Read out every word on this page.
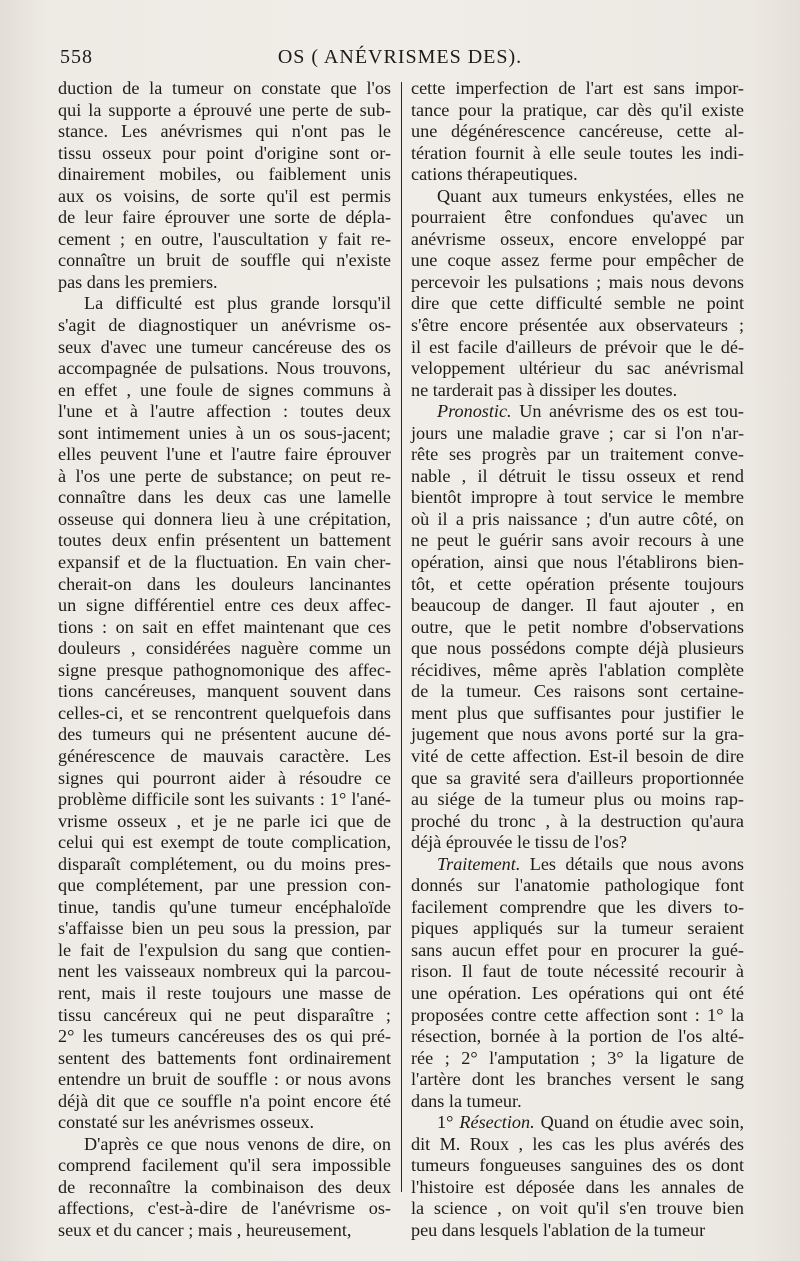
558	OS ( ANÉVRISMES DES).
duction de la tumeur on constate que l'os
qui la supporte a éprouvé une perte de sub-
stance. Les anévrismes qui n'ont pas le
tissu osseux pour point d'origine sont or-
dinairement mobiles, ou faiblement unis
aux os voisins, de sorte qu'il est permis
de leur faire éprouver une sorte de dépla-
cement ; en outre, l'auscultation y fait re-
connaître un bruit de souffle qui n'existe
pas dans les premiers.
La difficulté est plus grande lorsqu'il
s'agit de diagnostiquer un anévrisme os-
seux d'avec une tumeur cancéreuse des os
accompagnée de pulsations. Nous trouvons,
en effet , une foule de signes communs à
l'une et à l'autre affection : toutes deux
sont intimement unies à un os sous-jacent;
elles peuvent l'une et l'autre faire éprouver
à l'os une perte de substance; on peut re-
connaître dans les deux cas une lamelle
osseuse qui donnera lieu à une crépitation,
toutes deux enfin présentent un battement
expansif et de la fluctuation. En vain cher-
cherait-on dans les douleurs lancinantes
un signe différentiel entre ces deux affec-
tions : on sait en effet maintenant que ces
douleurs , considérées naguère comme un
signe presque pathognomonique des affec-
tions cancéreuses, manquent souvent dans
celles-ci, et se rencontrent quelquefois dans
des tumeurs qui ne présentent aucune dé-
générescence de mauvais caractère. Les
signes qui pourront aider à résoudre ce
problème difficile sont les suivants : 1° l'ané-
vrisme osseux , et je ne parle ici que de
celui qui est exempt de toute complication,
disparaît complétement, ou du moins pres-
que complétement, par une pression con-
tinue, tandis qu'une tumeur encéphaloïde
s'affaisse bien un peu sous la pression, par
le fait de l'expulsion du sang que contien-
nent les vaisseaux nombreux qui la parcou-
rent, mais il reste toujours une masse de
tissu cancéreux qui ne peut disparaître ;
2° les tumeurs cancéreuses des os qui pré-
sentent des battements font ordinairement
entendre un bruit de souffle : or nous avons
déjà dit que ce souffle n'a point encore été
constaté sur les anévrismes osseux.
D'après ce que nous venons de dire, on
comprend facilement qu'il sera impossible
de reconnaître la combinaison des deux
affections, c'est-à-dire de l'anévrisme os-
seux et du cancer ; mais , heureusement,
cette imperfection de l'art est sans impor-
tance pour la pratique, car dès qu'il existe
une dégénérescence cancéreuse, cette al-
tération fournit à elle seule toutes les indi-
cations thérapeutiques.
Quant aux tumeurs enkystées, elles ne
pourraient être confondues qu'avec un
anévrisme osseux, encore enveloppé par
une coque assez ferme pour empêcher de
percevoir les pulsations ; mais nous devons
dire que cette difficulté semble ne point
s'être encore présentée aux observateurs ;
il est facile d'ailleurs de prévoir que le dé-
veloppement ultérieur du sac anévrismal
ne tarderait pas à dissiper les doutes.
Pronostic. Un anévrisme des os est tou-
jours une maladie grave ; car si l'on n'ar-
rête ses progrès par un traitement conve-
nable , il détruit le tissu osseux et rend
bientôt impropre à tout service le membre
où il a pris naissance ; d'un autre côté, on
ne peut le guérir sans avoir recours à une
opération, ainsi que nous l'établirons bien-
tôt, et cette opération présente toujours
beaucoup de danger. Il faut ajouter , en
outre, que le petit nombre d'observations
que nous possédons compte déjà plusieurs
récidives, même après l'ablation complète
de la tumeur. Ces raisons sont certaine-
ment plus que suffisantes pour justifier le
jugement que nous avons porté sur la gra-
vité de cette affection. Est-il besoin de dire
que sa gravité sera d'ailleurs proportionnée
au siége de la tumeur plus ou moins rap-
proché du tronc , à la destruction qu'aura
déjà éprouvée le tissu de l'os?
Traitement. Les détails que nous avons
donnés sur l'anatomie pathologique font
facilement comprendre que les divers to-
piques appliqués sur la tumeur seraient
sans aucun effet pour en procurer la gué-
rison. Il faut de toute nécessité recourir à
une opération. Les opérations qui ont été
proposées contre cette affection sont : 1° la
résection, bornée à la portion de l'os alté-
rée ; 2° l'amputation ; 3° la ligature de
l'artère dont les branches versent le sang
dans la tumeur.
1° Résection. Quand on étudie avec soin,
dit M. Roux , les cas les plus avérés des
tumeurs fongueuses sanguines des os dont
l'histoire est déposée dans les annales de
la science , on voit qu'il s'en trouve bien
peu dans lesquels l'ablation de la tumeur
